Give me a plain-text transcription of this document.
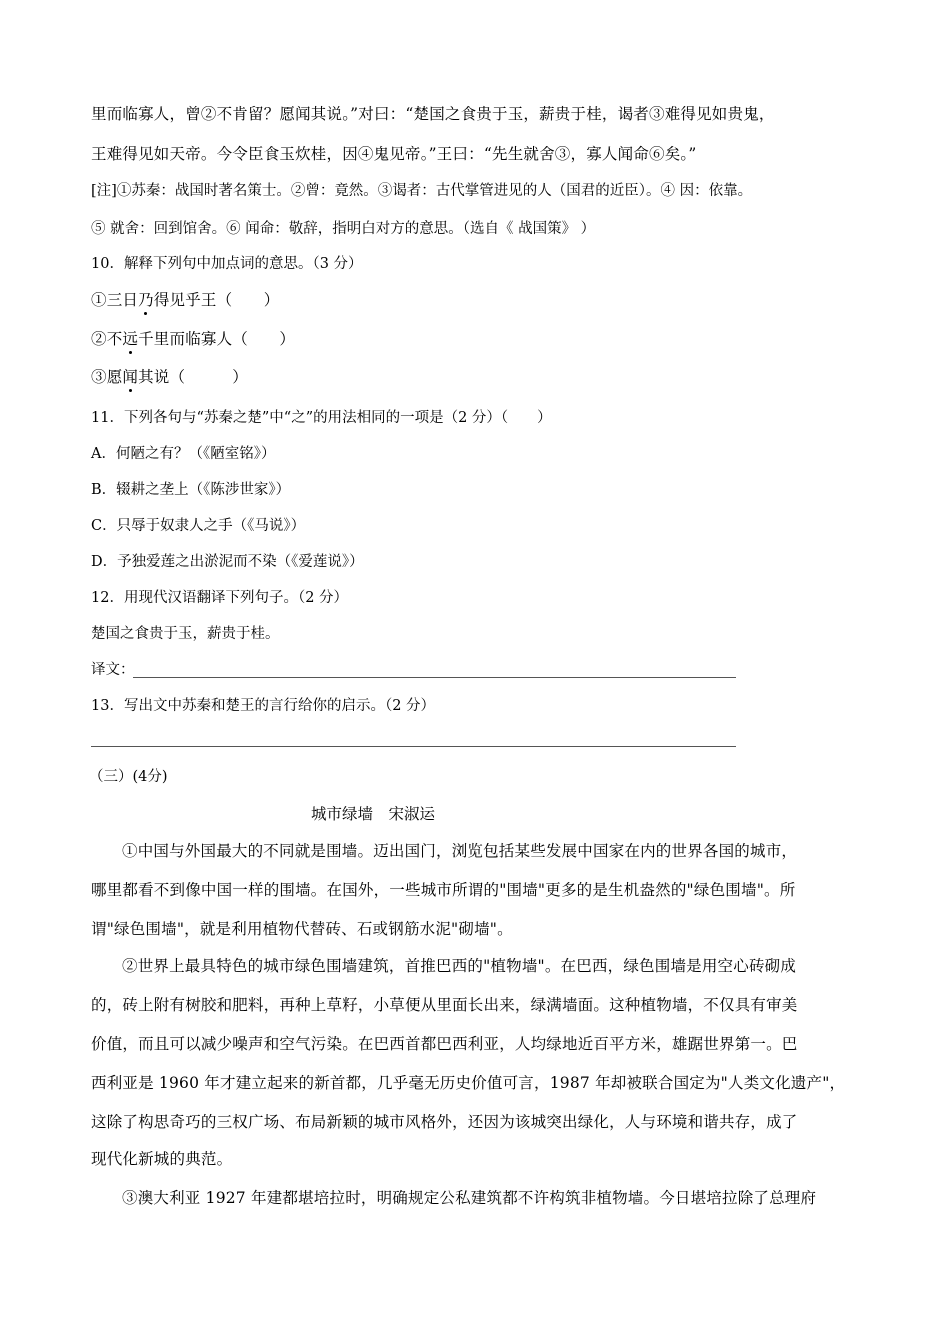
里而临寡人，曾②不肯留？愿闻其说。”对曰：“楚国之食贵于玉，薪贵于桂，谒者③难得见如贵鬼，
王难得见如天帝。今令臣食玉炊桂，因④鬼见帝。”王曰：“先生就舍③，寡人闻命⑥矣。”
[注]①苏秦：战国时著名策士。②曾：竟然。③谒者：古代掌管进见的人（国君的近臣）。④ 因：依靠。
⑤ 就舍：回到馆舍。⑥ 闻命：敬辞，指明白对方的意思。（选自《 战国策》 ）
10．解释下列句中加点词的意思。（3 分）
①三日乃得见乎王（　　）
②不远千里而临寡人（　　）
③愿闻其说（　　　）
11．下列各句与“苏秦之楚”中“之”的用法相同的一项是（2 分）（　　）
A．何陋之有？（《陋室铭》）
B．辍耕之垄上（《陈涉世家》）
C．只辱于奴隶人之手（《马说》）
D．予独爱莲之出淤泥而不染（《爱莲说》）
12．用现代汉语翻译下列句子。（2 分）
楚国之食贵于玉，薪贵于桂。
译文：
13．写出文中苏秦和楚王的言行给你的启示。（2 分）
（三）(4分)
城市绿墙　宋淑运
①中国与外国最大的不同就是围墙。迈出国门，浏览包括某些发展中国家在内的世界各国的城市，
哪里都看不到像中国一样的围墙。在国外，一些城市所谓的"围墙"更多的是生机盎然的"绿色围墙"。所
谓"绿色围墙"，就是利用植物代替砖、石或钢筋水泥"砌墙"。
②世界上最具特色的城市绿色围墙建筑，首推巴西的"植物墙"。在巴西，绿色围墙是用空心砖砌成
的，砖上附有树胶和肥料，再种上草籽，小草便从里面长出来，绿满墙面。这种植物墙，不仅具有审美
价值，而且可以减少噪声和空气污染。在巴西首都巴西利亚，人均绿地近百平方米，雄踞世界第一。巴
西利亚是 1960 年才建立起来的新首都，几乎毫无历史价值可言，1987 年却被联合国定为"人类文化遗产"，
这除了构思奇巧的三权广场、布局新颖的城市风格外，还因为该城突出绿化，人与环境和谐共存，成了
现代化新城的典范。
③澳大利亚 1927 年建都堪培拉时，明确规定公私建筑都不许构筑非植物墙。今日堪培拉除了总理府
